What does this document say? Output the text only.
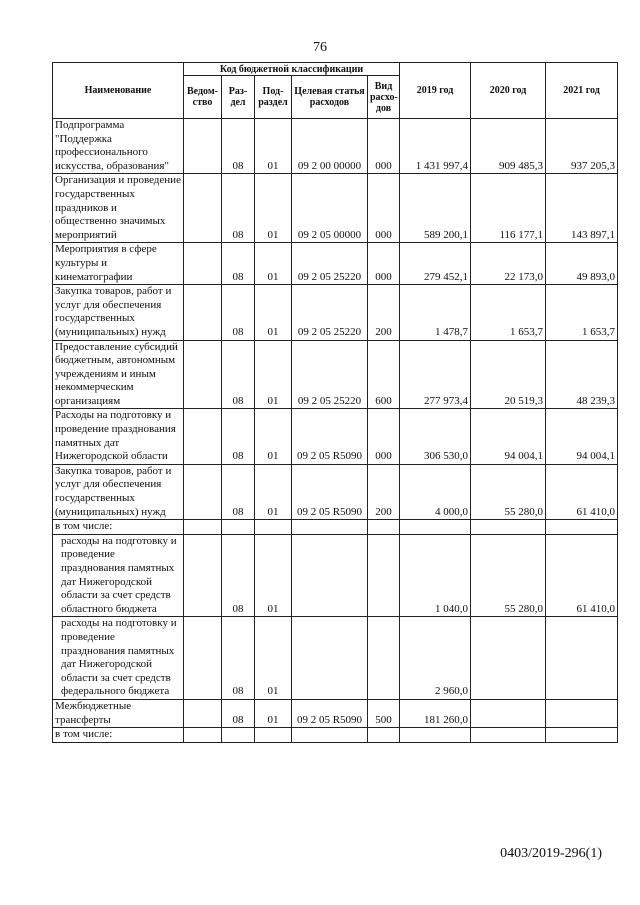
76
Наименование	Код бюджетной классификации					2019 год	2020 год	2021 год
	Ведом-ство	Раз-дел	Под-раздел	Целевая статья расходов	Вид расхо-дов			
Подпрограмма "Поддержка профессионального искусства, образования"		08	01	09 2 00 00000	000	1 431 997,4	909 485,3	937 205,3
Организация и проведение государственных праздников и общественно значимых мероприятий		08	01	09 2 05 00000	000	589 200,1	116 177,1	143 897,1
Мероприятия в сфере культуры и кинематографии		08	01	09 2 05 25220	000	279 452,1	22 173,0	49 893,0
Закупка товаров, работ и услуг для обеспечения государственных (муниципальных) нужд		08	01	09 2 05 25220	200	1 478,7	1 653,7	1 653,7
Предоставление субсидий бюджетным, автономным учреждениям и иным некоммерческим организациям		08	01	09 2 05 25220	600	277 973,4	20 519,3	48 239,3
Расходы на подготовку и проведение празднования памятных дат Нижегородской области		08	01	09 2 05 R5090	000	306 530,0	94 004,1	94 004,1
Закупка товаров, работ и услуг для обеспечения государственных (муниципальных) нужд		08	01	09 2 05 R5090	200	4 000,0	55 280,0	61 410,0
в том числе:								
расходы на подготовку и проведение празднования памятных дат Нижегородской области за счет средств областного бюджета		08	01			1 040,0	55 280,0	61 410,0
расходы на подготовку и проведение празднования памятных дат Нижегородской области за счет средств федерального бюджета		08	01			2 960,0		
Межбюджетные трансферты		08	01	09 2 05 R5090	500	181 260,0		
в том числе:								
0403/2019-296(1)
